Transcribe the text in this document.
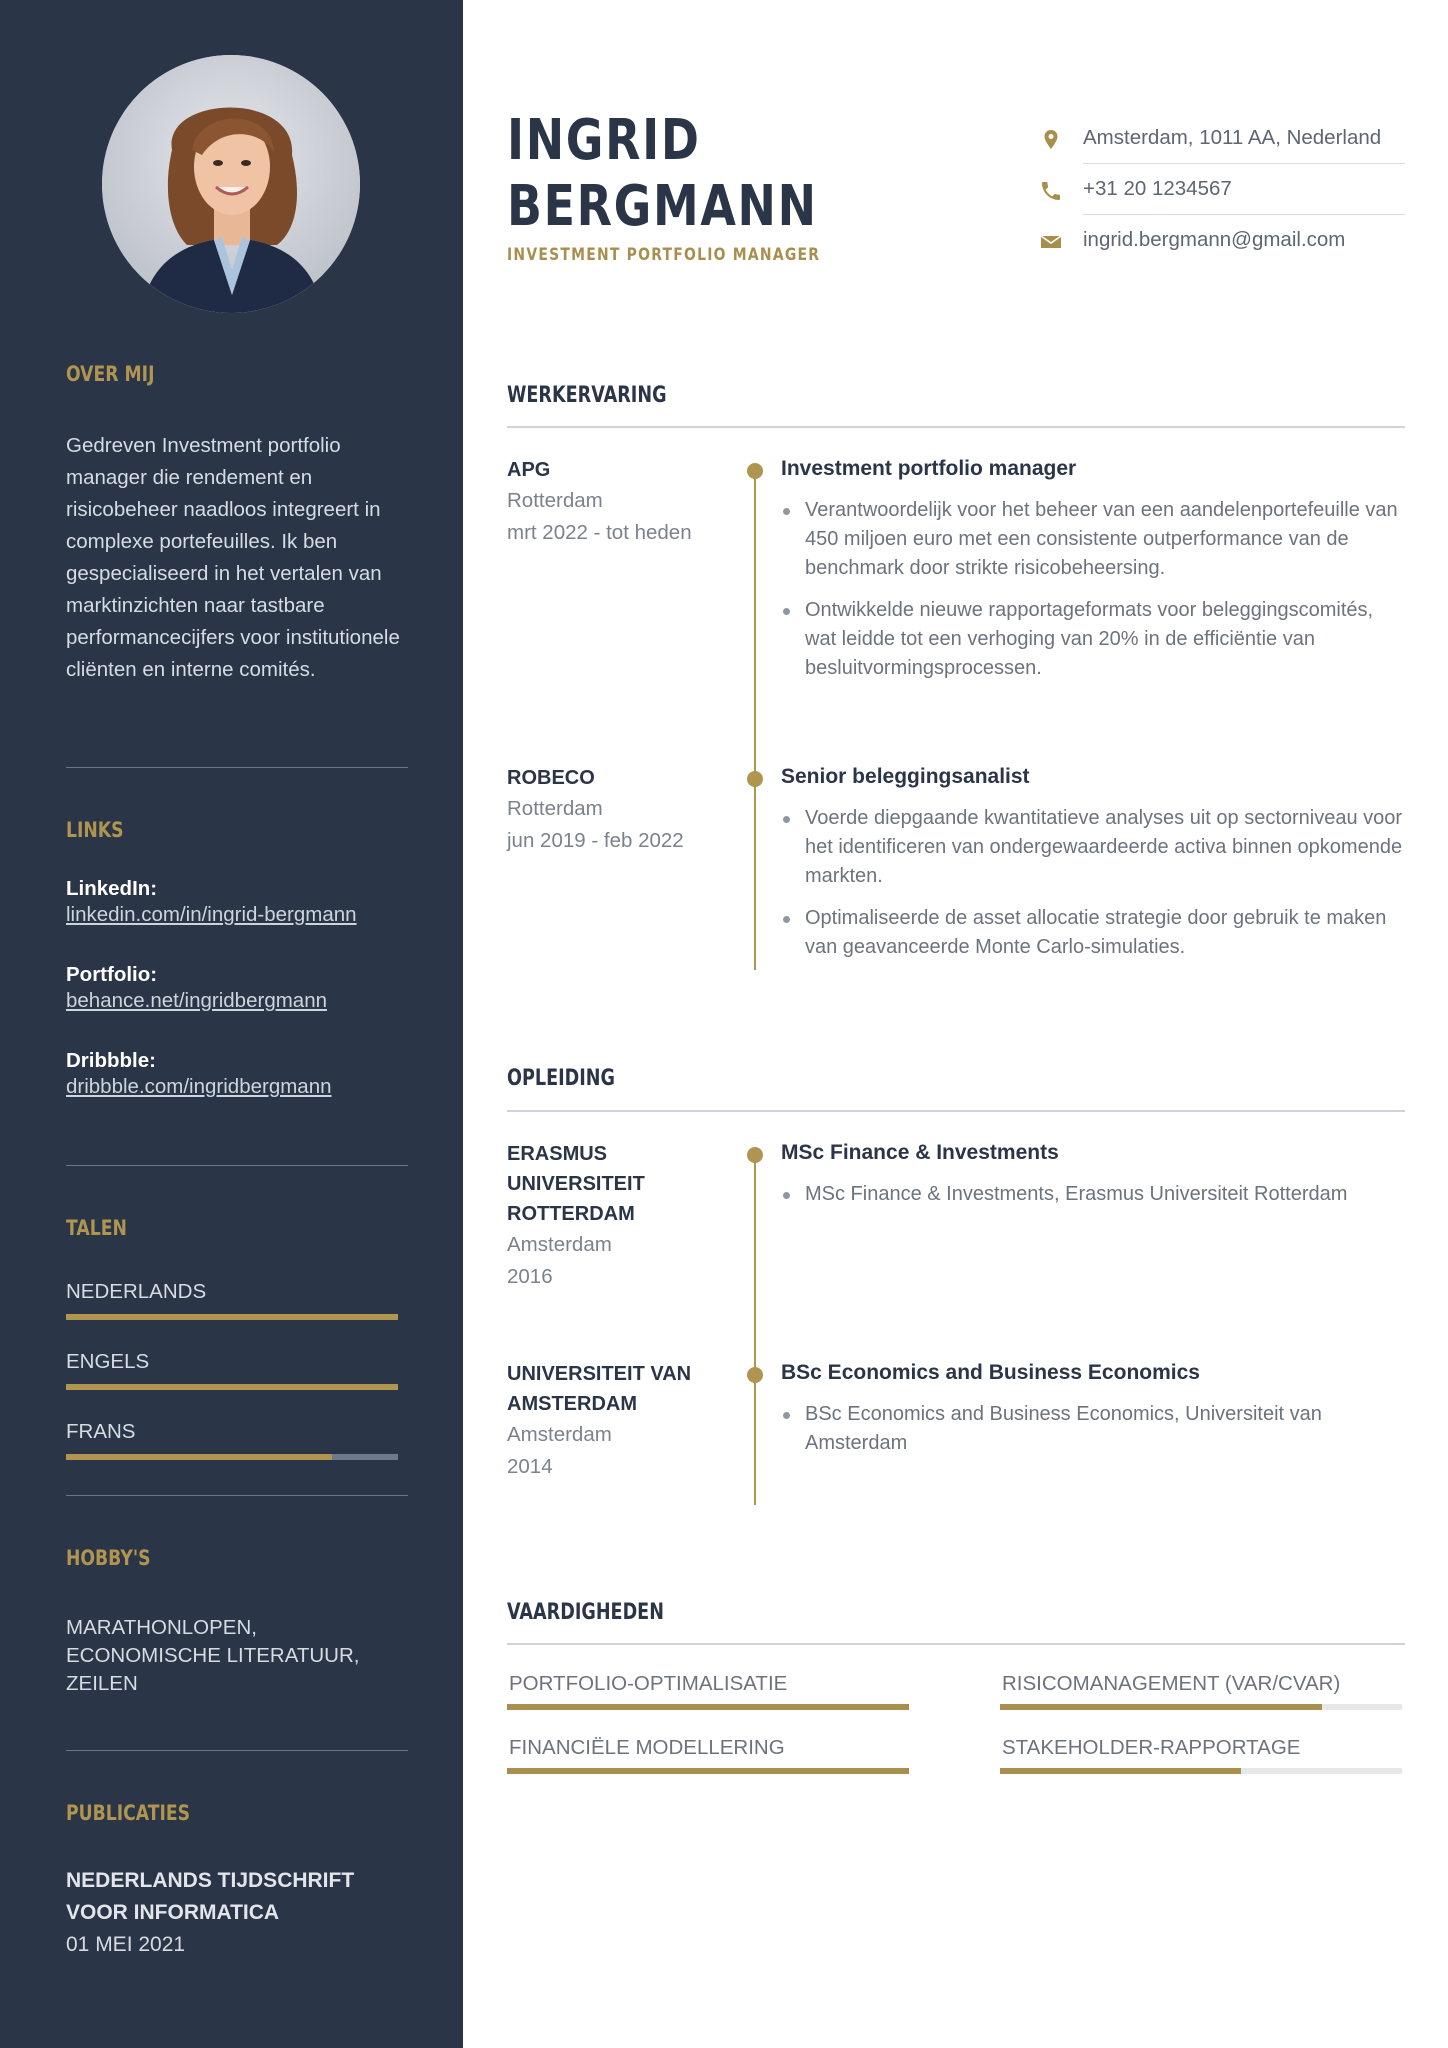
OVER MIJ
Gedreven Investment portfolio manager die rendement en risicobeheer naadloos integreert in complexe portefeuilles. Ik ben gespecialiseerd in het vertalen van marktinzichten naar tastbare performancecijfers voor institutionele cliënten en interne comités.
LINKS
LinkedIn:
linkedin.com/in/ingrid-bergmann
Portfolio:
behance.net/ingridbergmann
Dribbble:
dribbble.com/ingridbergmann
TALEN
NEDERLANDS
ENGELS
FRANS
HOBBY'S
MARATHONLOPEN, ECONOMISCHE LITERATUUR, ZEILEN
PUBLICATIES
NEDERLANDS TIJDSCHRIFT VOOR INFORMATICA
01 MEI 2021
INGRID
BERGMANN
INVESTMENT PORTFOLIO MANAGER
Amsterdam, 1011 AA, Nederland
+31 20 1234567
ingrid.bergmann@gmail.com
WERKERVARING
APG
Rotterdam
mrt 2022 - tot heden
Investment portfolio manager
Verantwoordelijk voor het beheer van een aandelenportefeuille van 450 miljoen euro met een consistente outperformance van de benchmark door strikte risicobeheersing.
Ontwikkelde nieuwe rapportageformats voor beleggingscomités, wat leidde tot een verhoging van 20% in de efficiëntie van besluitvormingsprocessen.
ROBECO
Rotterdam
jun 2019 - feb 2022
Senior beleggingsanalist
Voerde diepgaande kwantitatieve analyses uit op sectorniveau voor het identificeren van ondergewaardeerde activa binnen opkomende markten.
Optimaliseerde de asset allocatie strategie door gebruik te maken van geavanceerde Monte Carlo-simulaties.
OPLEIDING
ERASMUS UNIVERSITEIT ROTTERDAM
Amsterdam
2016
MSc Finance & Investments
MSc Finance & Investments, Erasmus Universiteit Rotterdam
UNIVERSITEIT VAN AMSTERDAM
Amsterdam
2014
BSc Economics and Business Economics
BSc Economics and Business Economics, Universiteit van Amsterdam
VAARDIGHEDEN
PORTFOLIO-OPTIMALISATIE	RISICOMANAGEMENT (VAR/CVAR)
FINANCIËLE MODELLERING	STAKEHOLDER-RAPPORTAGE
